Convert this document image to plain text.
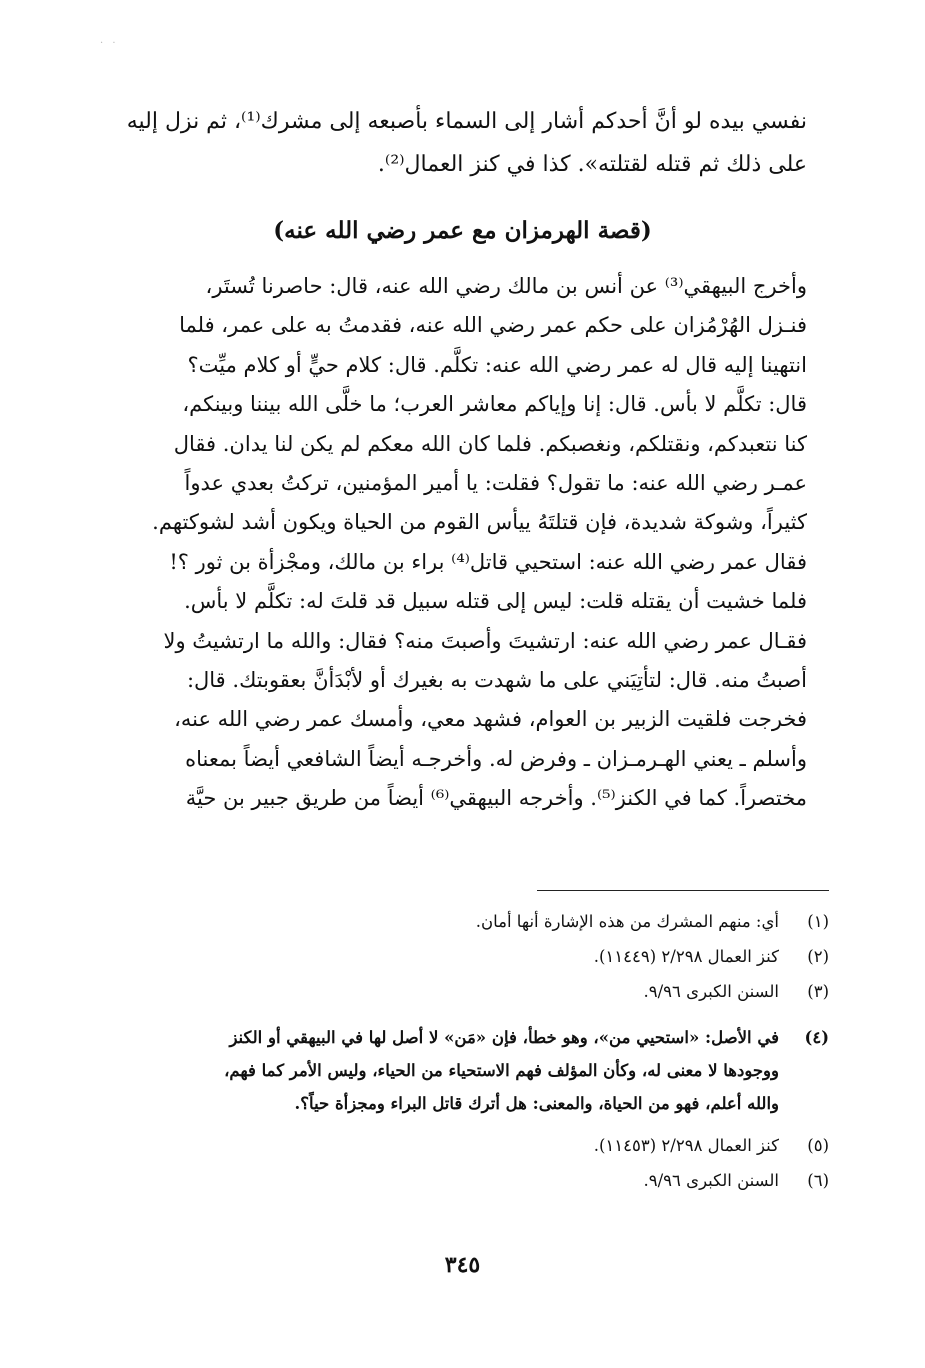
· ·
نفسي بيده لو أنَّ أحدكم أشار إلى السماء بأصبعه إلى مشرك⁽¹⁾، ثم نزل إليه
على ذلك ثم قتله لقتلته». كذا في كنز العمال⁽²⁾.
(قصة الهرمزان مع عمر رضي الله عنه)
وأخرج البيهقي⁽³⁾ عن أنس بن مالك رضي الله عنه، قال: حاصرنا تُستَر،
فنـزل الهُرْمُزان على حكم عمر رضي الله عنه، فقدمتُ به على عمر، فلما
انتهينا إليه قال له عمر رضي الله عنه: تكلَّم. قال: كلام حيٍّ أو كلام ميِّت؟
قال: تكلَّم لا بأس. قال: إنا وإياكم معاشر العرب؛ ما خلَّى الله بيننا وبينكم،
كنا نتعبدكم، ونقتلكم، ونغصبكم. فلما كان الله معكم لم يكن لنا يدان. فقال
عمـر رضي الله عنه: ما تقول؟ فقلت: يا أمير المؤمنين، تركتُ بعدي عدواً
كثيراً، وشوكة شديدة، فإن قتلتَهُ ييأس القوم من الحياة ويكون أشد لشوكتهم.
فقال عمر رضي الله عنه: استحيي قاتل⁽⁴⁾ براء بن مالك، ومجْزأة بن ثور ؟!
فلما خشيت أن يقتله قلت: ليس إلى قتله سبيل قد قلتَ له: تكلَّم لا بأس.
فقـال عمر رضي الله عنه: ارتشيتَ وأصبتَ منه؟ فقال: والله ما ارتشيتُ ولا
أصبتُ منه. قال: لتأتِيَني على ما شهدت به بغيرك أو لأبْدَأنَّ بعقوبتك. قال:
فخرجت فلقيت الزبير بن العوام، فشهد معي، وأمسك عمر رضي الله عنه،
وأسلم ـ يعني الهـرمـزان ـ وفرض له. وأخرجـه أيضاً الشافعي أيضاً بمعناه
مختصراً. كما في الكنز⁽⁵⁾. وأخرجه البيهقي⁽⁶⁾ أيضاً من طريق جبير بن حيَّة
(١)
أي: منهم المشرك من هذه الإشارة أنها أمان.
(٢)
كنز العمال ٢/٢٩٨ (١١٤٤٩).
(٣)
السنن الكبرى ٩/٩٦.
(٤)
في الأصل: «استحيي من»، وهو خطأ، فإن «مَن» لا أصل لها في البيهقي أو الكنز
ووجودها لا معنى له، وكأن المؤلف فهم الاستحياء من الحياء، وليس الأمر كما فهم،
والله أعلم، فهو من الحياة، والمعنى: هل أترك قاتل البراء ومجزأة حياً؟.
(٥)
كنز العمال ٢/٢٩٨ (١١٤٥٣).
(٦)
السنن الكبرى ٩/٩٦.
٣٤٥
